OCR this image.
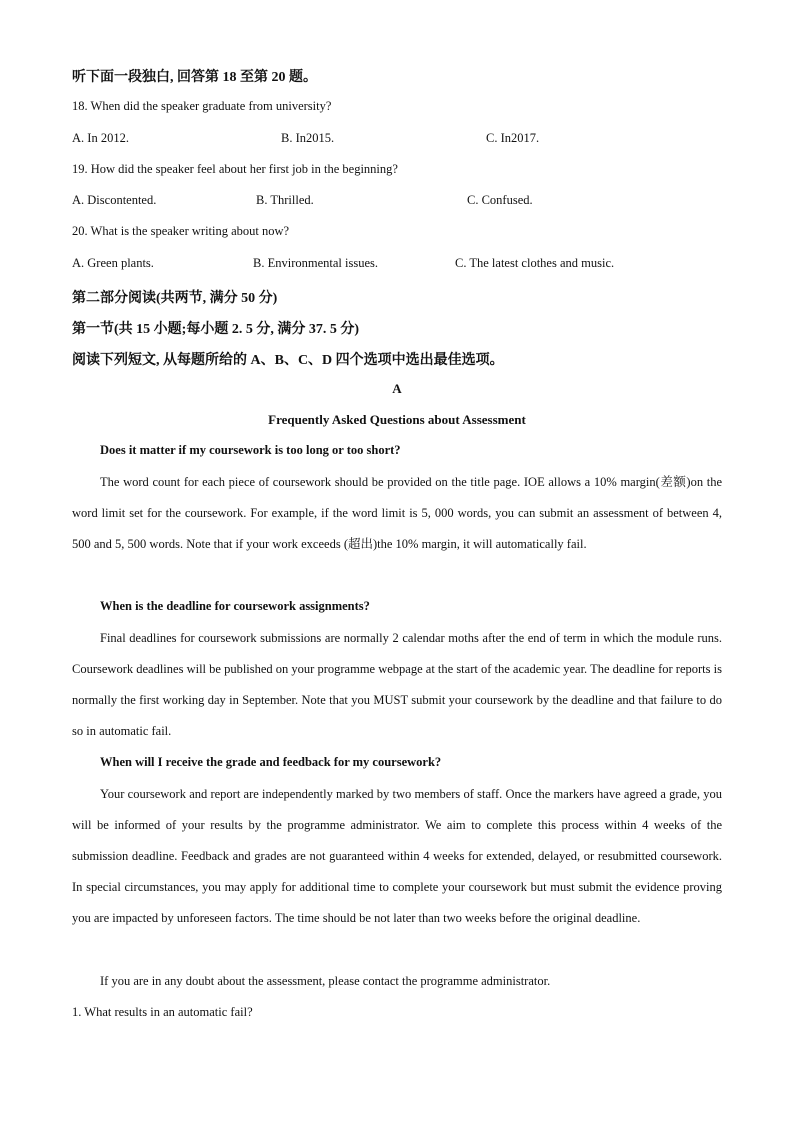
听下面一段独白, 回答第 18 至第 20 题。
18. When did the speaker graduate from university?
A. In 2012.	B. In2015.	C. In2017.
19. How did the speaker feel about her first job in the beginning?
A. Discontented.	B. Thrilled.	C. Confused.
20. What is the speaker writing about now?
A. Green plants.	B. Environmental issues.	C. The latest clothes and music.
第二部分阅读(共两节, 满分 50 分)
第一节(共 15 小题;每小题 2. 5 分, 满分 37. 5 分)
阅读下列短文, 从每题所给的 A、B、C、D 四个选项中选出最佳选项。
A
Frequently Asked Questions about Assessment
Does it matter if my coursework is too long or too short?

The word count for each piece of coursework should be provided on the title page. IOE allows a 10% margin(差额)on the word limit set for the coursework. For example, if the word limit is 5, 000 words, you can submit an assessment of between 4, 500 and 5, 500 words. Note that if your work exceeds (超出)the 10% margin, it will automatically fail.

When is the deadline for coursework assignments?

Final deadlines for coursework submissions are normally 2 calendar moths after the end of term in which the module runs. Coursework deadlines will be published on your programme webpage at the start of the academic year. The deadline for reports is normally the first working day in September. Note that you MUST submit your coursework by the deadline and that failure to do so in automatic fail.

When will I receive the grade and feedback for my coursework?

Your coursework and report are independently marked by two members of staff. Once the markers have agreed a grade, you will be informed of your results by the programme administrator. We aim to complete this process within 4 weeks of the submission deadline. Feedback and grades are not guaranteed within 4 weeks for extended, delayed, or resubmitted coursework. In special circumstances, you may apply for additional time to complete your coursework but must submit the evidence proving you are impacted by unforeseen factors. The time should be not later than two weeks before the original deadline.

If you are in any doubt about the assessment, please contact the programme administrator.

1. What results in an automatic fail?
